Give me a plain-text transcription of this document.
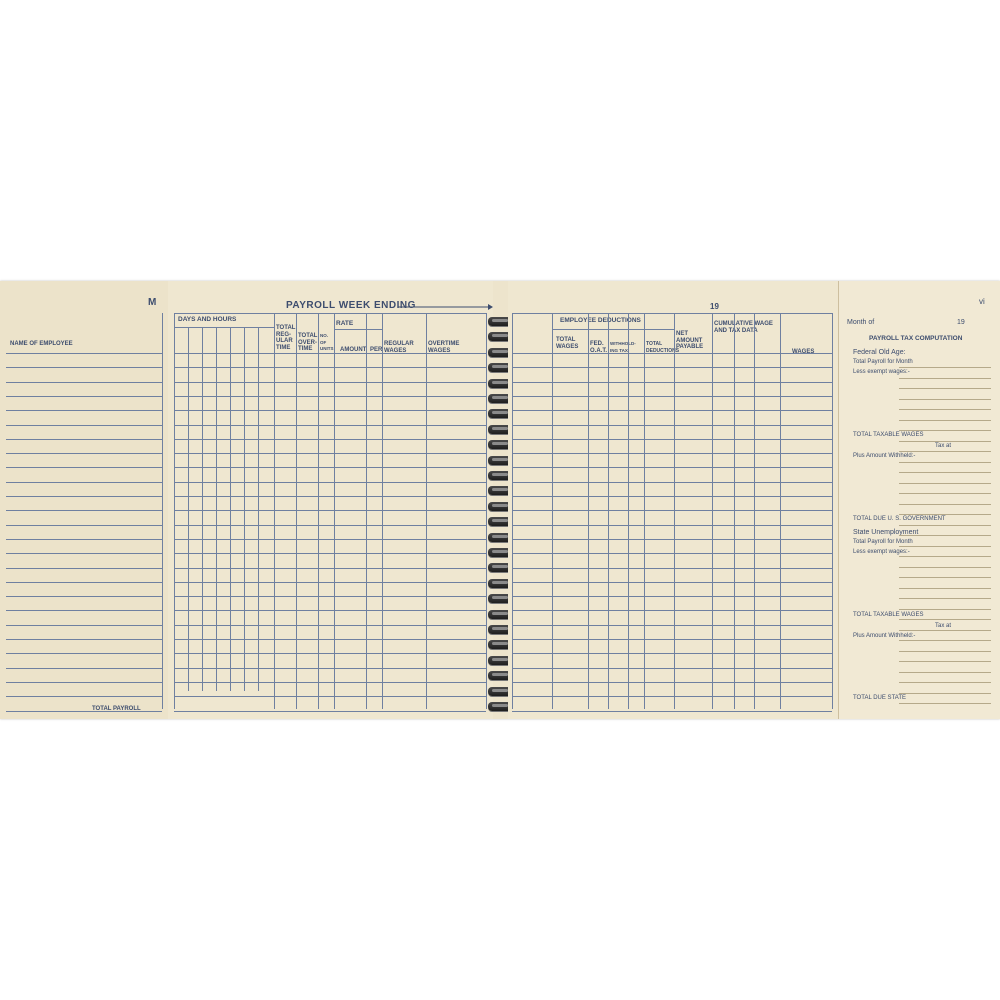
M
NAME OF EMPLOYEE
TOTAL PAYROLL
PAYROLL WEEK ENDING
DAYS AND HOURS
TOTAL REG-ULAR TIME
TOTAL OVER-TIME
NO. OF UNITS
RATE
AMOUNT PER
REGULAR WAGES
OVERTIME WAGES
19
TOTAL WAGES
EMPLOYEE DEDUCTIONS
FED. O.A.T.
WITHHOLD-ING TAX
TOTAL DEDUCTIONS
NET AMOUNT PAYABLE
CUMULATIVE WAGE AND TAX DATA
WAGES
Month of	19
vi
PAYROLL TAX COMPUTATION
Federal Old Age:
Total Payroll for Month
Less exempt wages:-
TOTAL TAXABLE WAGES
Tax at
Plus Amount Withheld:-
TOTAL DUE U. S. GOVERNMENT
State Unemployment
Total Payroll for Month
Less exempt wages:-
TOTAL TAXABLE WAGES
Tax at
Plus Amount Withheld:-
TOTAL DUE STATE
